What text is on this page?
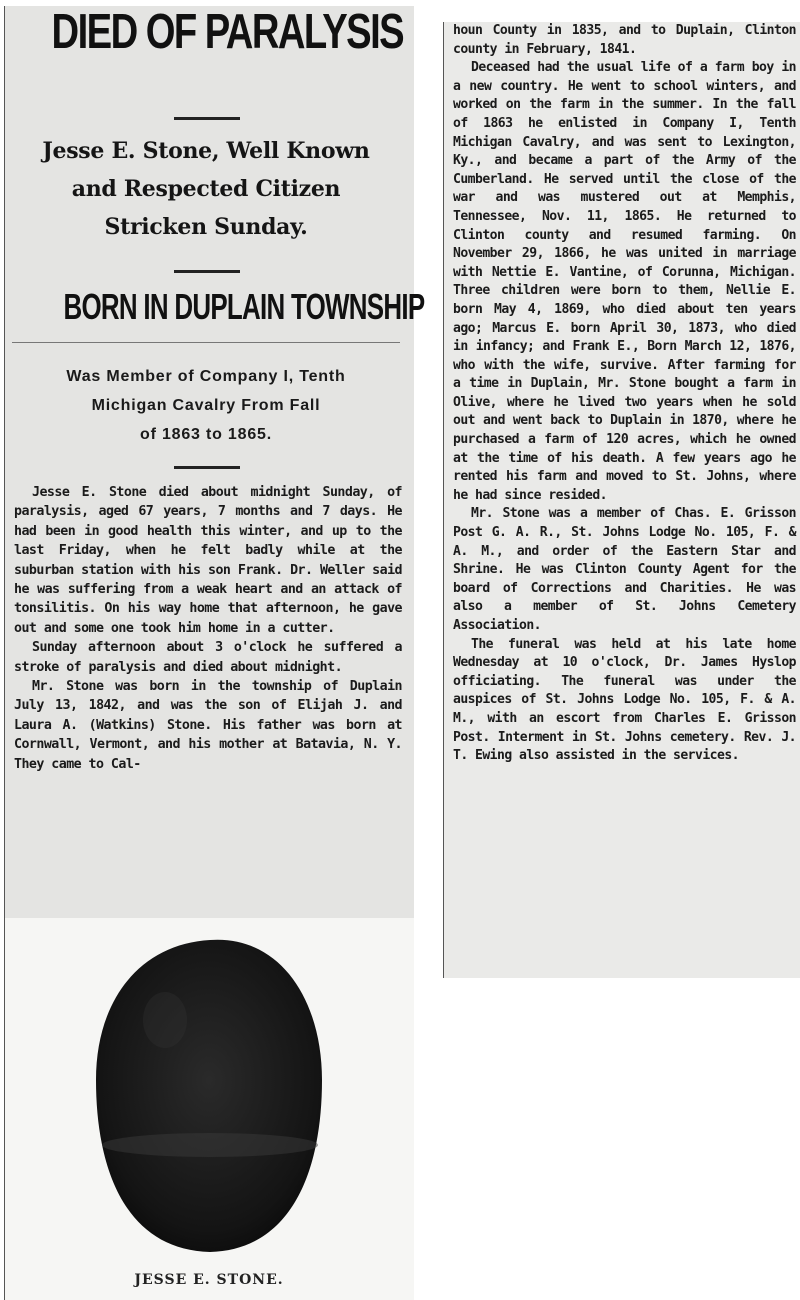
DIED OF PARALYSIS
Jesse E. Stone, Well Known
and Respected Citizen
Stricken Sunday.
BORN IN DUPLAIN TOWNSHIP
Was Member of Company I, Tenth
Michigan Cavalry From Fall
of 1863 to 1865.

Jesse E. Stone died about midnight Sunday, of paralysis, aged 67 years, 7 months and 7 days. He had been in good health this winter, and up to the last Friday, when he felt badly while at the suburban station with his son Frank. Dr. Weller said he was suffering from a weak heart and an attack of tonsilitis. On his way home that afternoon, he gave out and some one took him home in a cutter.

Sunday afternoon about 3 o'clock he suffered a stroke of paralysis and died about midnight.

Mr. Stone was born in the township of Duplain July 13, 1842, and was the son of Elijah J. and Laura A. (Watkins) Stone. His father was born at Cornwall, Vermont, and his mother at Batavia, N. Y. They came to Cal-

JESSE E. STONE.

houn County in 1835, and to Duplain, Clinton county in February, 1841.

Deceased had the usual life of a farm boy in a new country. He went to school winters, and worked on the farm in the summer. In the fall of 1863 he enlisted in Company I, Tenth Michigan Cavalry, and was sent to Lexington, Ky., and became a part of the Army of the Cumberland. He served until the close of the war and was mustered out at Memphis, Tennessee, Nov. 11, 1865. He returned to Clinton county and resumed farming. On November 29, 1866, he was united in marriage with Nettie E. Vantine, of Corunna, Michigan. Three children were born to them, Nellie E. born May 4, 1869, who died about ten years ago; Marcus E. born April 30, 1873, who died in infancy; and Frank E., Born March 12, 1876, who with the wife, survive. After farming for a time in Duplain, Mr. Stone bought a farm in Olive, where he lived two years when he sold out and went back to Duplain in 1870, where he purchased a farm of 120 acres, which he owned at the time of his death. A few years ago he rented his farm and moved to St. Johns, where he had since resided.

Mr. Stone was a member of Chas. E. Grisson Post G. A. R., St. Johns Lodge No. 105, F. & A. M., and order of the Eastern Star and Shrine. He was Clinton County Agent for the board of Corrections and Charities. He was also a member of St. Johns Cemetery Association.

The funeral was held at his late home Wednesday at 10 o'clock, Dr. James Hyslop officiating. The funeral was under the auspices of St. Johns Lodge No. 105, F. & A. M., with an escort from Charles E. Grisson Post. Interment in St. Johns cemetery. Rev. J. T. Ewing also assisted in the services.
